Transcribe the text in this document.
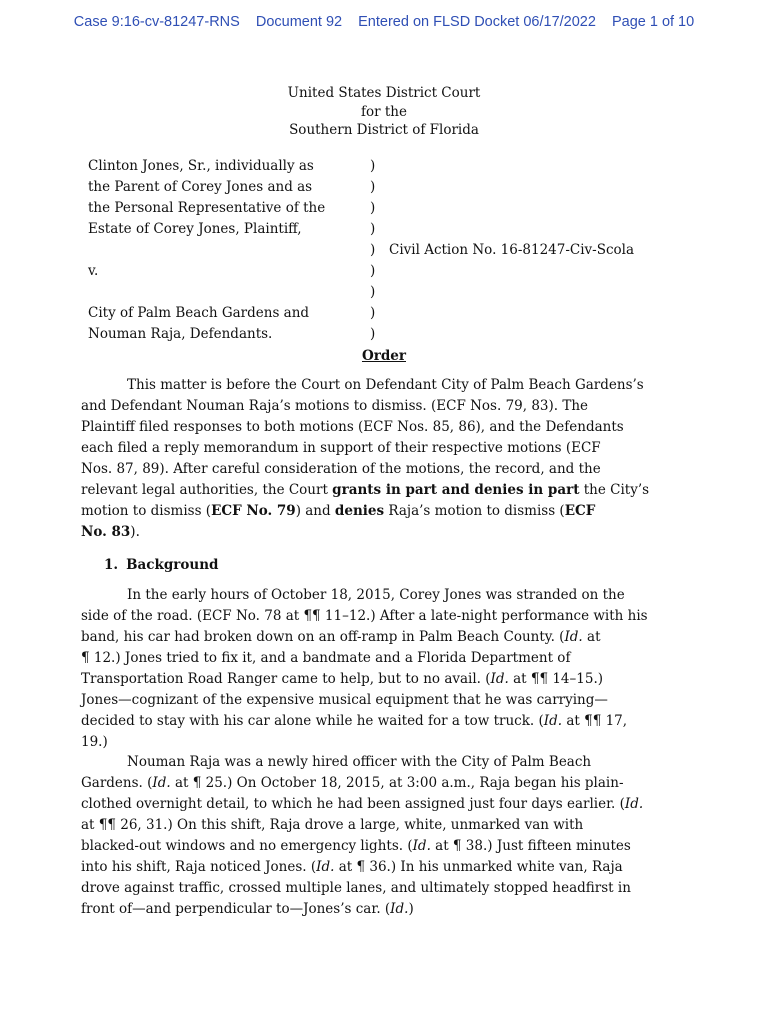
Case 9:16-cv-81247-RNS Document 92 Entered on FLSD Docket 06/17/2022 Page 1 of 10
United States District Court
for the
Southern District of Florida
Clinton Jones, Sr., individually as
the Parent of Corey Jones and as
the Personal Representative of the
Estate of Corey Jones, Plaintiff,

v.

City of Palm Beach Gardens and
Nouman Raja, Defendants.
)
)
)
)
)
)
)
)
)
Civil Action No. 16-81247-Civ-Scola
Order
This matter is before the Court on Defendant City of Palm Beach Gardens’s
and Defendant Nouman Raja’s motions to dismiss. (ECF Nos. 79, 83). The
Plaintiff filed responses to both motions (ECF Nos. 85, 86), and the Defendants
each filed a reply memorandum in support of their respective motions (ECF
Nos. 87, 89). After careful consideration of the motions, the record, and the
relevant legal authorities, the Court grants in part and denies in part the City’s
motion to dismiss (ECF No. 79) and denies Raja’s motion to dismiss (ECF
No. 83).
1. Background
In the early hours of October 18, 2015, Corey Jones was stranded on the
side of the road. (ECF No. 78 at ¶¶ 11–12.) After a late-night performance with his
band, his car had broken down on an off-ramp in Palm Beach County. (Id. at
¶ 12.) Jones tried to fix it, and a bandmate and a Florida Department of
Transportation Road Ranger came to help, but to no avail. (Id. at ¶¶ 14–15.)
Jones—cognizant of the expensive musical equipment that he was carrying—
decided to stay with his car alone while he waited for a tow truck. (Id. at ¶¶ 17,
19.)
Nouman Raja was a newly hired officer with the City of Palm Beach
Gardens. (Id. at ¶ 25.) On October 18, 2015, at 3:00 a.m., Raja began his plain-
clothed overnight detail, to which he had been assigned just four days earlier. (Id.
at ¶¶ 26, 31.) On this shift, Raja drove a large, white, unmarked van with
blacked-out windows and no emergency lights. (Id. at ¶ 38.) Just fifteen minutes
into his shift, Raja noticed Jones. (Id. at ¶ 36.) In his unmarked white van, Raja
drove against traffic, crossed multiple lanes, and ultimately stopped headfirst in
front of—and perpendicular to—Jones’s car. (Id.)
